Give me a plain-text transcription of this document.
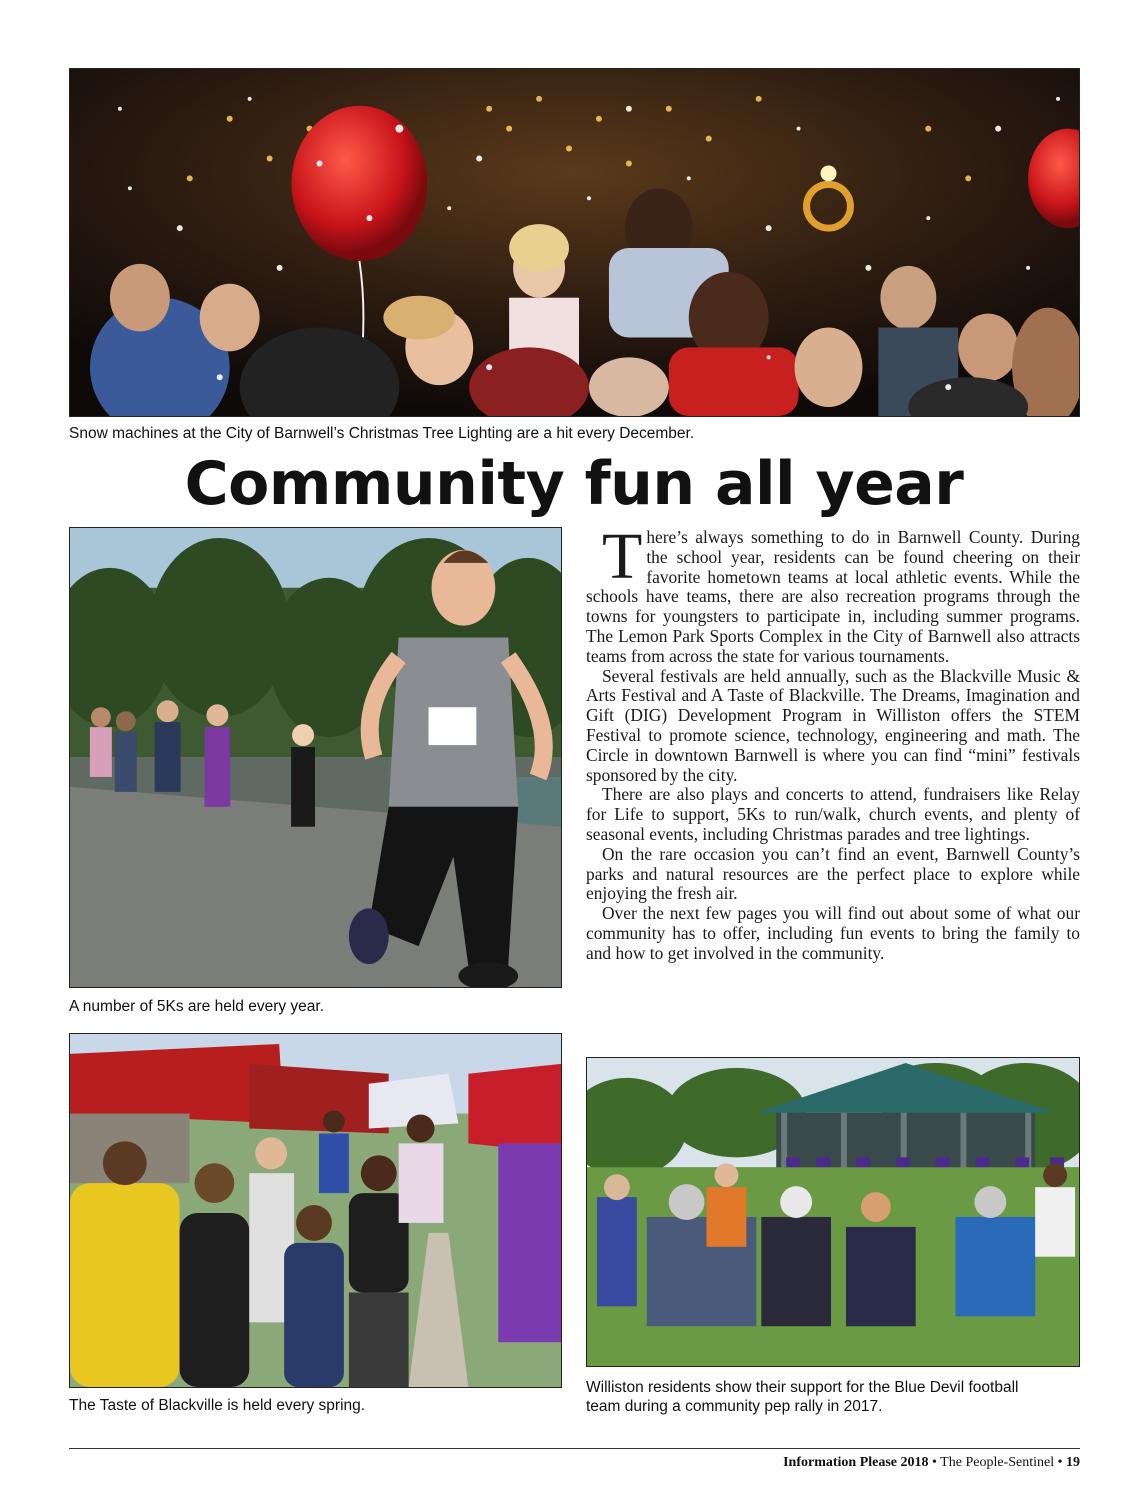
Snow machines at the City of Barnwell’s Christmas Tree Lighting are a hit every December.
Community fun all year
A number of 5Ks are held every year.
The Taste of Blackville is held every spring.

There’s always something to do in Barnwell County. During the school year, residents can be found cheering on their favorite hometown teams at local athletic events. While the schools have teams, there are also recreation programs through the towns for youngsters to participate in, including summer programs. The Lemon Park Sports Complex in the City of Barnwell also attracts teams from across the state for various tournaments.

Several festivals are held annually, such as the Blackville Music & Arts Festival and A Taste of Blackville. The Dreams, Imagination and Gift (DIG) Development Program in Williston offers the STEM Festival to promote science, technology, engineering and math. The Circle in downtown Barnwell is where you can find “mini” festivals sponsored by the city.

There are also plays and concerts to attend, fundraisers like Relay for Life to support, 5Ks to run/walk, church events, and plenty of seasonal events, including Christmas parades and tree lightings.

On the rare occasion you can’t find an event, Barnwell County’s parks and natural resources are the perfect place to explore while enjoying the fresh air.

Over the next few pages you will find out about some of what our community has to offer, including fun events to bring the family to and how to get involved in the community.

Williston residents show their support for the Blue Devil football
team during a community pep rally in 2017.
Information Please 2018 • The People-Sentinel • 19
